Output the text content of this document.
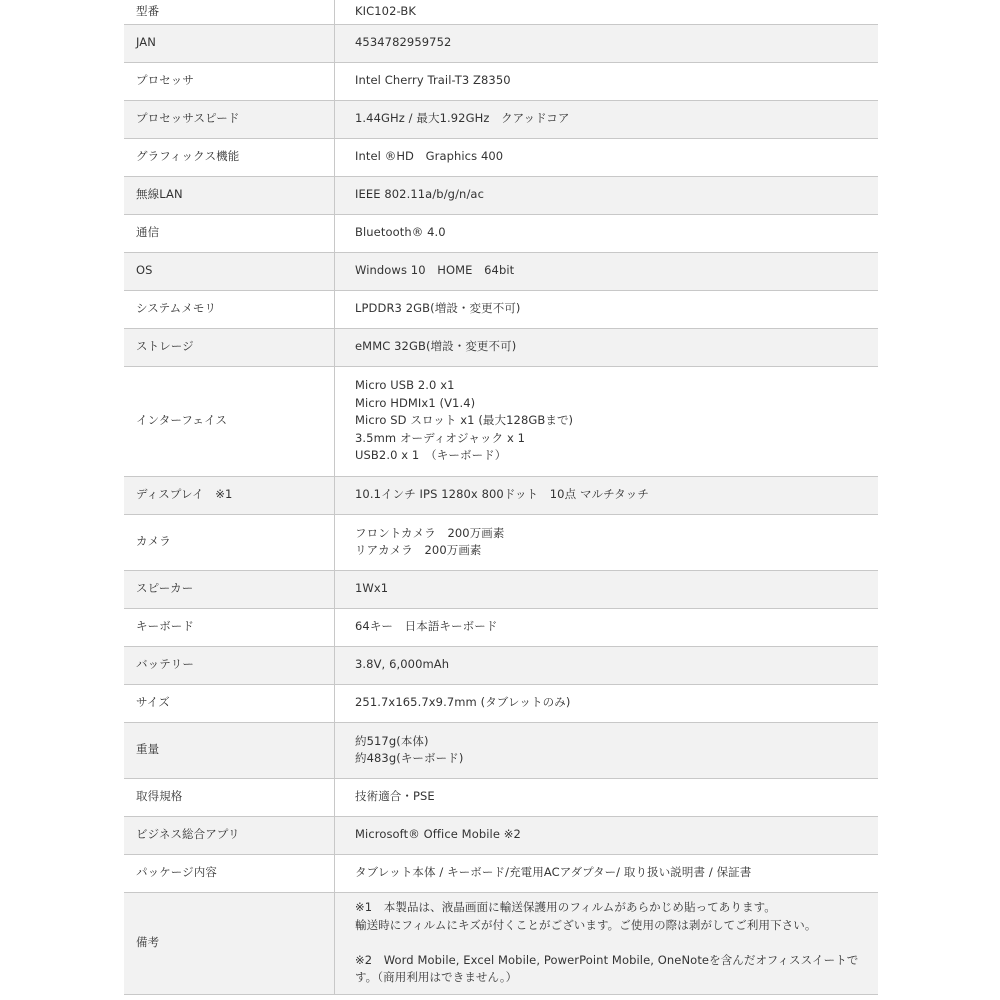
型番	KIC102-BK

JAN	4534782959752

プロセッサ	Intel Cherry Trail-T3 Z8350

プロセッサスピード	1.44GHz / 最大1.92GHz　クアッドコア

グラフィックス機能	Intel ®HD　Graphics 400

無線LAN	IEEE 802.11a/b/g/n/ac

通信	Bluetooth® 4.0

OS	Windows 10　HOME　64bit

システムメモリ	LPDDR3 2GB(増設・変更不可)

ストレージ	eMMC 32GB(増設・変更不可)

インターフェイス	Micro USB 2.0 x1
Micro HDMIx1 (V1.4)
Micro SD スロット x1 (最大128GBまで)
3.5mm オーディオジャック x 1
USB2.0 x 1　（キーボード）

ディスプレイ　※1	10.1インチ IPS 1280x 800ドット　10点 マルチタッチ

カメラ	フロントカメラ　200万画素
リアカメラ　200万画素

スピーカー	1Wx1

キーボード	64キー　日本語キーボード

バッテリー	3.8V, 6,000mAh

サイズ	251.7x165.7x9.7mm (タブレットのみ)

重量	約517g(本体)
約483g(キーボード)

取得規格	技術適合・PSE

ビジネス総合アプリ	Microsoft® Office Mobile ※2

パッケージ内容	タブレット本体 / キーボード/充電用ACアダプター/ 取り扱い説明書 / 保証書

備考	※1　本製品は、液晶画面に輸送保護用のフィルムがあらかじめ貼ってあります。
輸送時にフィルムにキズが付くことがございます。ご使用の際は剥がしてご利用下さい。
※2　Word Mobile, Excel Mobile, PowerPoint Mobile, OneNoteを含んだオフィススイートです。（商用利用はできません。）
